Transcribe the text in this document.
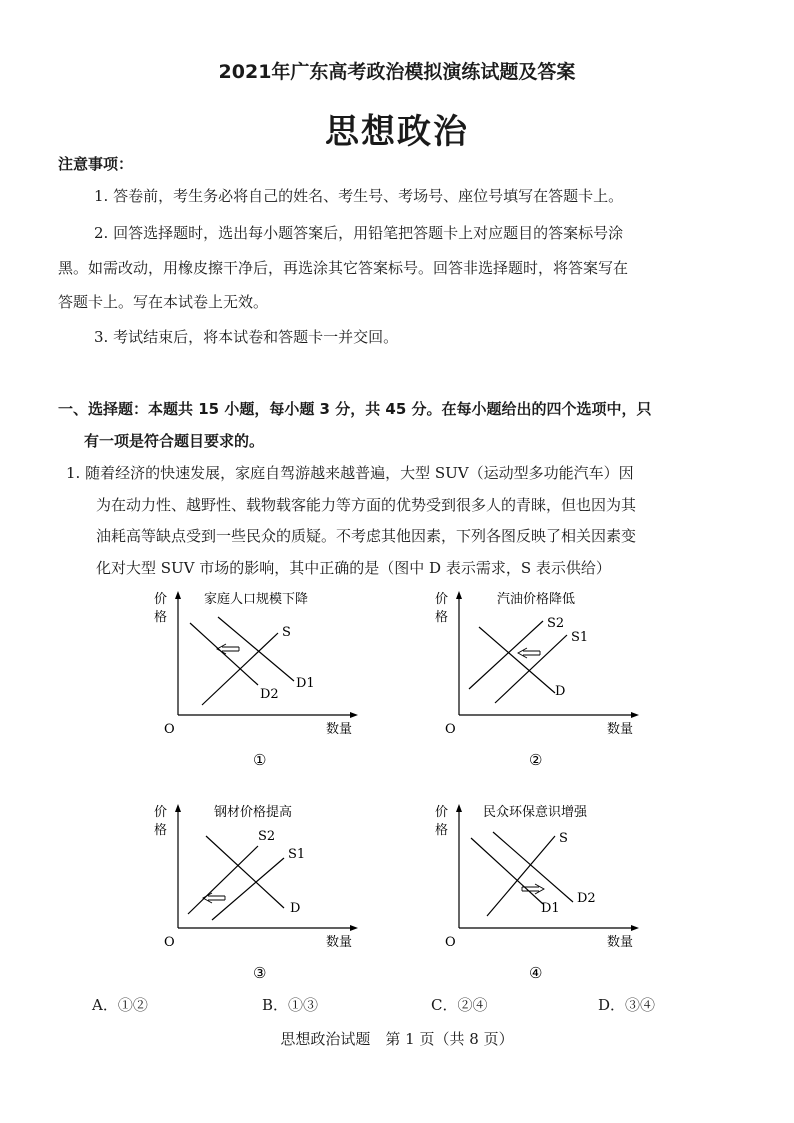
2021年广东高考政治模拟演练试题及答案
思想政治
注意事项：
1. 答卷前，考生务必将自己的姓名、考生号、考场号、座位号填写在答题卡上。
2. 回答选择题时，选出每小题答案后，用铅笔把答题卡上对应题目的答案标号涂
黑。如需改动，用橡皮擦干净后，再选涂其它答案标号。回答非选择题时，将答案写在
答题卡上。写在本试卷上无效。
3. 考试结束后，将本试卷和答题卡一并交回。
一、选择题：本题共 15 小题，每小题 3 分，共 45 分。在每小题给出的四个选项中，只
有一项是符合题目要求的。
1. 随着经济的快速发展，家庭自驾游越来越普遍，大型 SUV（运动型多功能汽车）因
为在动力性、越野性、载物载客能力等方面的优势受到很多人的青睐，但也因为其
油耗高等缺点受到一些民众的质疑。不考虑其他因素，下列各图反映了相关因素变
化对大型 SUV 市场的影响，其中正确的是（图中 D 表示需求，S 表示供给）
价
格
O	数量
家庭人口规模下降
S
D1
D2
①
价
格
O	数量
汽油价格降低
S2
S1
D
②
价
格
O	数量
钢材价格提高
S2
S1
D
③
价
格
O	数量
民众环保意识增强
S
D2
D1
④
A．①②	B．①③	C．②④	D．③④
思想政治试题　第 1 页（共 8 页）
